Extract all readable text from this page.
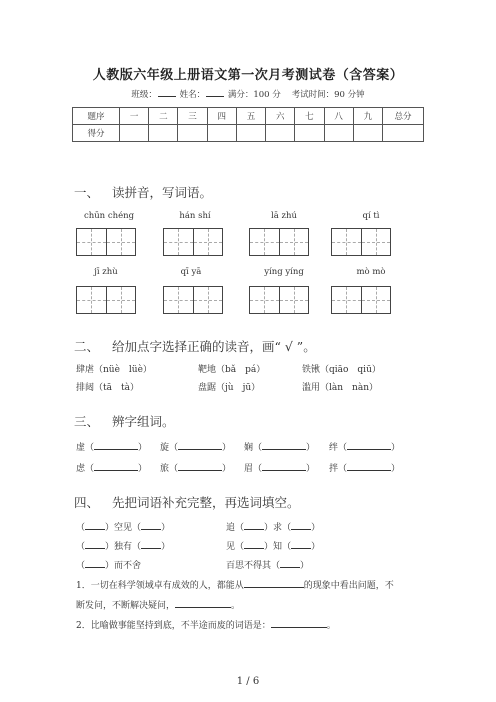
人教版六年级上册语文第一次月考测试卷（含答案）
班级：	姓名：	满分：100 分 考试时间：90 分钟
题序	一	二	三	四	五	六	七	八	九	总分
得分										
一、 读拼音，写词语。
chūn chéng	hán shí	lā zhú	qí tì
jī zhù	qī yā	yíng yíng	mò mò
二、 给加点字选择正确的读音，画“ √ ”。
肆虐（nüè　lüè）	靶地（bǎ　pá）	铁锹（qiāo　qiū）
排闼（tā　tà）	盘踞（jù　jū）	滥用（làn　nàn）
三、 辨字组词。
虚（	） 旋（	） 娴（	） 绊（	）
虑（	） 旅（	） 眉（	） 拌（	）
四、 先把词语补充完整，再选词填空。
（ ）空见（ ）	追（ ）求（ ）
（ ）独有（ ）	见（ ）知（ ）
（ ）而不舍	百思不得其（ ）
1．一切在科学领域卓有成效的人，都能从	的现象中看出问题，不
断发问，不断解决疑问，	。
2．比喻做事能坚持到底，不半途而废的词语是：	。
1 / 6
